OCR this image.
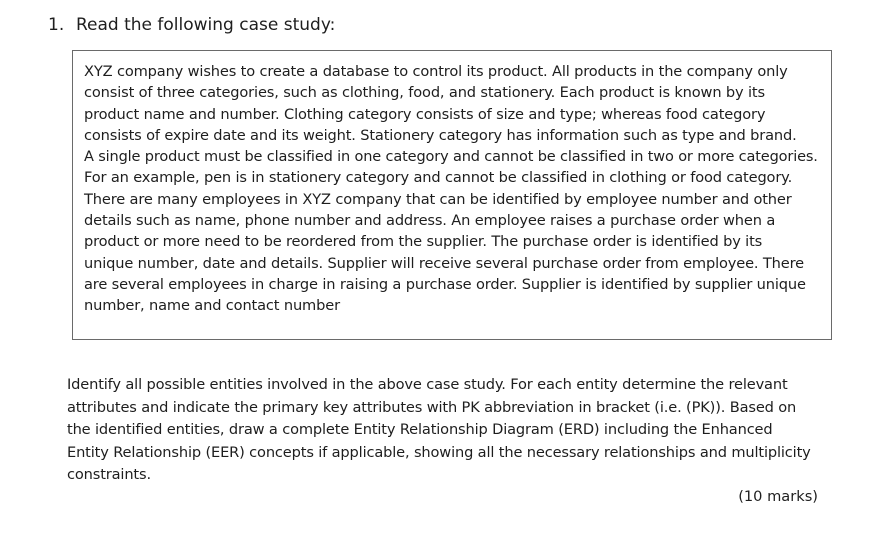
1. Read the following case study:
XYZ company wishes to create a database to control its product. All products in the company only
consist of three categories, such as clothing, food, and stationery. Each product is known by its
product name and number. Clothing category consists of size and type; whereas food category
consists of expire date and its weight. Stationery category has information such as type and brand.
A single product must be classified in one category and cannot be classified in two or more categories.
For an example, pen is in stationery category and cannot be classified in clothing or food category.
There are many employees in XYZ company that can be identified by employee number and other
details such as name, phone number and address. An employee raises a purchase order when a
product or more need to be reordered from the supplier. The purchase order is identified by its
unique number, date and details. Supplier will receive several purchase order from employee. There
are several employees in charge in raising a purchase order. Supplier is identified by supplier unique
number, name and contact number
Identify all possible entities involved in the above case study. For each entity determine the relevant
attributes and indicate the primary key attributes with PK abbreviation in bracket (i.e. (PK)). Based on
the identified entities, draw a complete Entity Relationship Diagram (ERD) including the Enhanced
Entity Relationship (EER) concepts if applicable, showing all the necessary relationships and multiplicity
constraints.
(10 marks)
